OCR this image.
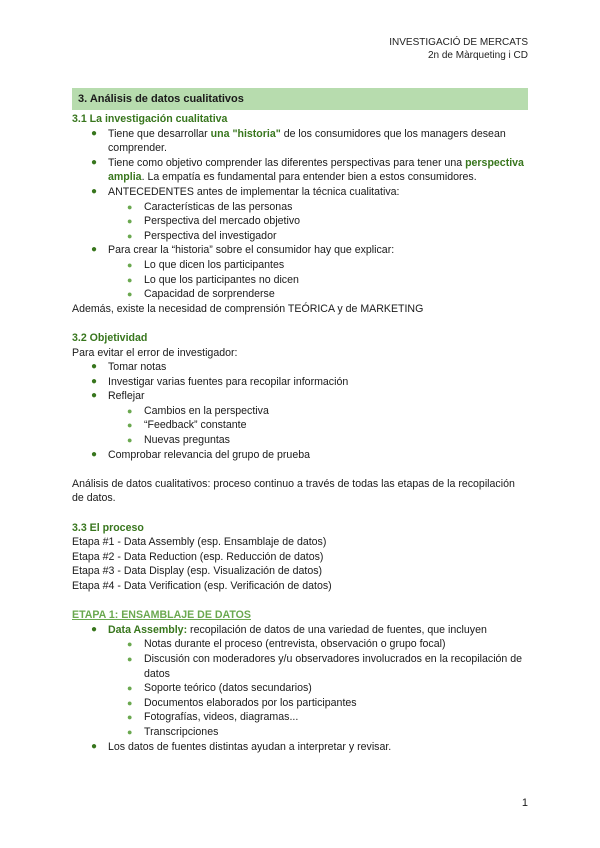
INVESTIGACIÓ DE MERCATS
2n de Màrqueting i CD
3. Análisis de datos cualitativos
3.1 La investigación cualitativa
● Tiene que desarrollar una "historia" de los consumidores que los managers desean comprender.
● Tiene como objetivo comprender las diferentes perspectivas para tener una perspectiva amplia. La empatía es fundamental para entender bien a estos consumidores.
● ANTECEDENTES antes de implementar la técnica cualitativa:
● Características de las personas
● Perspectiva del mercado objetivo
● Perspectiva del investigador
● Para crear la “historia” sobre el consumidor hay que explicar:
● Lo que dicen los participantes
● Lo que los participantes no dicen
● Capacidad de sorprenderse
Además, existe la necesidad de comprensión TEÓRICA y de MARKETING
3.2 Objetividad
Para evitar el error de investigador:
● Tomar notas
● Investigar varias fuentes para recopilar información
● Reflejar
● Cambios en la perspectiva
● “Feedback” constante
● Nuevas preguntas
● Comprobar relevancia del grupo de prueba
Análisis de datos cualitativos: proceso continuo a través de todas las etapas de la recopilación de datos.
3.3 El proceso
Etapa #1 - Data Assembly (esp. Ensamblaje de datos)
Etapa #2 - Data Reduction (esp. Reducción de datos)
Etapa #3 - Data Display (esp. Visualización de datos)
Etapa #4 - Data Verification (esp. Verificación de datos)
ETAPA 1: ENSAMBLAJE DE DATOS
● Data Assembly: recopilación de datos de una variedad de fuentes, que incluyen
● Notas durante el proceso (entrevista, observación o grupo focal)
● Discusión con moderadores y/u observadores involucrados en la recopilación de datos
● Soporte teórico (datos secundarios)
● Documentos elaborados por los participantes
● Fotografías, videos, diagramas...
● Transcripciones
● Los datos de fuentes distintas ayudan a interpretar y revisar.
1
